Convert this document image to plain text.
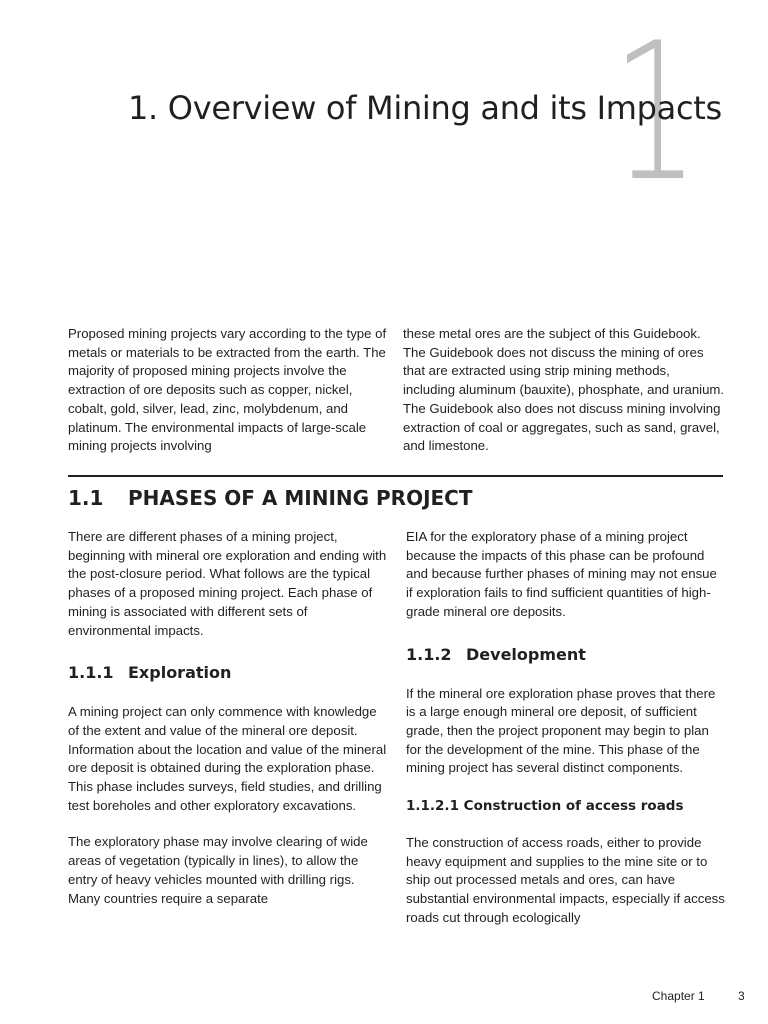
1
1. Overview of Mining and its Impacts

Proposed mining projects vary according to the type of metals or materials to be extracted from the earth. The majority of proposed mining projects involve the extraction of ore deposits such as copper, nickel, cobalt, gold, silver, lead, zinc, molybdenum, and platinum. The environmental impacts of large-scale mining projects involving

these metal ores are the subject of this Guidebook. The Guidebook does not discuss the mining of ores that are extracted using strip mining methods, including aluminum (bauxite), phosphate, and uranium. The Guidebook also does not discuss mining involving extraction of coal or aggregates, such as sand, gravel, and limestone.

1.1 PHASES OF A MINING PROJECT

There are different phases of a mining project, beginning with mineral ore exploration and ending with the post-closure period. What follows are the typical phases of a proposed mining project. Each phase of mining is associated with different sets of environmental impacts.

1.1.1 Exploration

A mining project can only commence with knowledge of the extent and value of the mineral ore deposit. Information about the location and value of the mineral ore deposit is obtained during the exploration phase. This phase includes surveys, field studies, and drilling test boreholes and other exploratory excavations.

The exploratory phase may involve clearing of wide areas of vegetation (typically in lines), to allow the entry of heavy vehicles mounted with drilling rigs. Many countries require a separate

EIA for the exploratory phase of a mining project because the impacts of this phase can be profound and because further phases of mining may not ensue if exploration fails to find sufficient quantities of high-grade mineral ore deposits.

1.1.2 Development

If the mineral ore exploration phase proves that there is a large enough mineral ore deposit, of sufficient grade, then the project proponent may begin to plan for the development of the mine. This phase of the mining project has several distinct components.

1.1.2.1 Construction of access roads

The construction of access roads, either to provide heavy equipment and supplies to the mine site or to ship out processed metals and ores, can have substantial environmental impacts, especially if access roads cut through ecologically

Chapter 1	3
